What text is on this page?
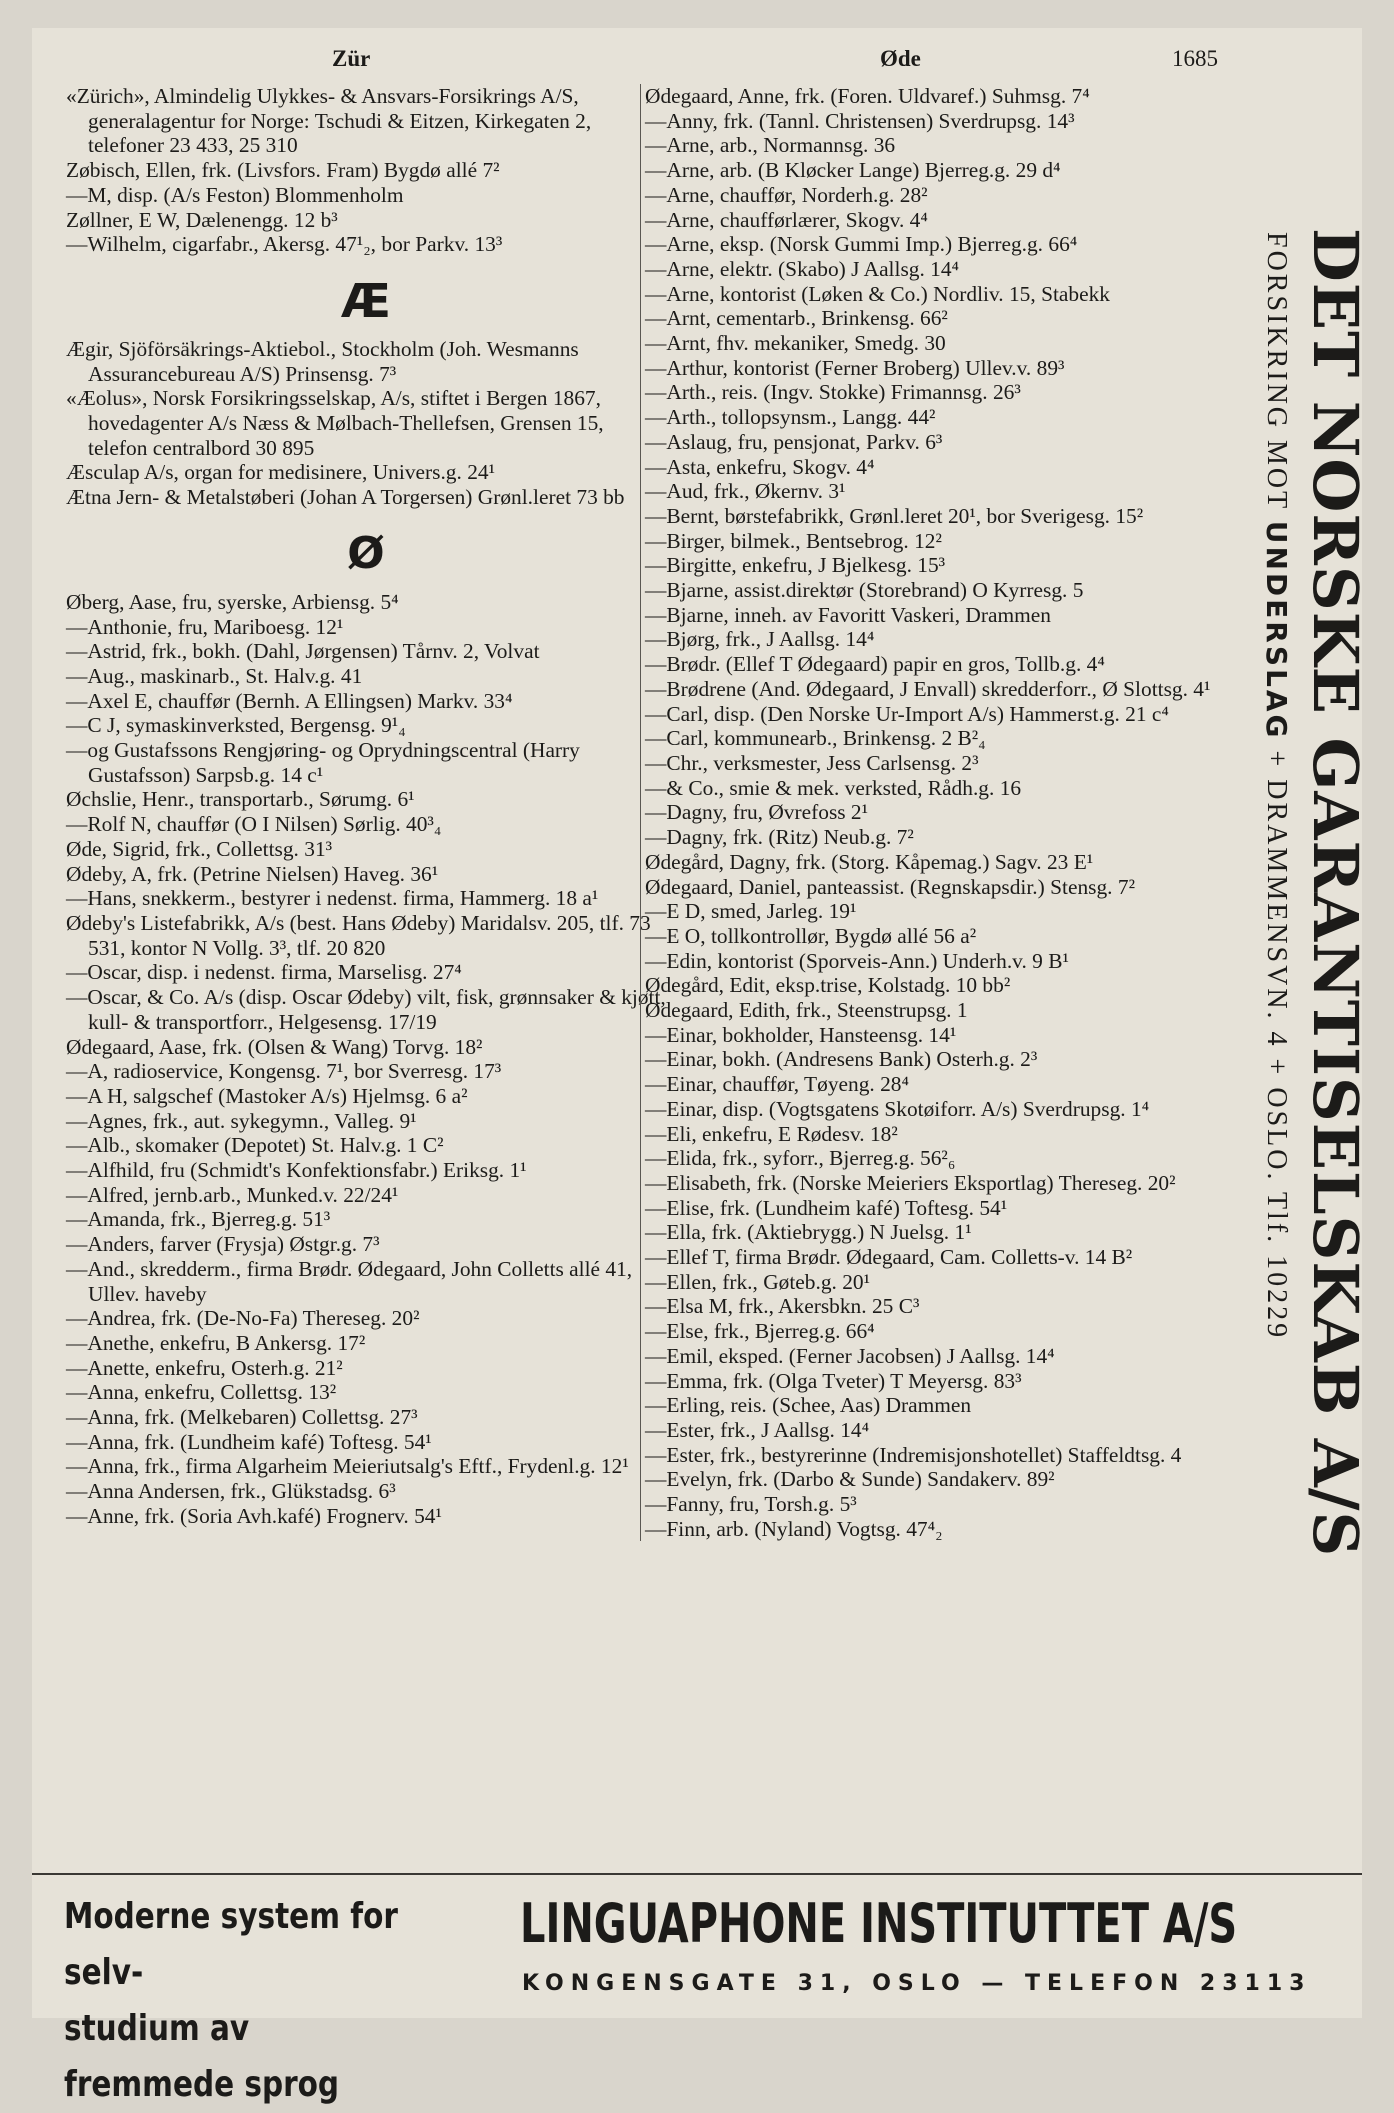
Zür	Øde	1685

«Zürich», Almindelig Ulykkes- & Ansvars-Forsikrings A/S, generalagentur for Norge: Tschudi & Eitzen, Kirkegaten 2, telefoner 23 433, 25 310

Zøbisch, Ellen, frk. (Livsfors. Fram) Bygdø allé 7²

—M, disp. (A/s Feston) Blommenholm

Zøllner, E W, Dælenengg. 12 b³

—Wilhelm, cigarfabr., Akersg. 47¹₂, bor Parkv. 13³

Æ

Ægir, Sjöförsäkrings-Aktiebol., Stockholm (Joh. Wesmanns Assurancebureau A/S) Prinsensg. 7³

«Æolus», Norsk Forsikringsselskap, A/s, stiftet i Bergen 1867, hovedagenter A/s Næss & Mølbach-Thellefsen, Grensen 15, telefon centralbord 30 895

Æsculap A/s, organ for medisinere, Univers.g. 24¹

Ætna Jern- & Metalstøberi (Johan A Torgersen) Grønl.leret 73 bb

Ø

Øberg, Aase, fru, syerske, Arbiensg. 5⁴

—Anthonie, fru, Mariboesg. 12¹

—Astrid, frk., bokh. (Dahl, Jørgensen) Tårnv. 2, Volvat

—Aug., maskinarb., St. Halv.g. 41

—Axel E, chauffør (Bernh. A Ellingsen) Markv. 33⁴

—C J, symaskinverksted, Bergensg. 9¹₄

—og Gustafssons Rengjøring- og Oprydningscentral (Harry Gustafsson) Sarpsb.g. 14 c¹

Øchslie, Henr., transportarb., Sørumg. 6¹

—Rolf N, chauffør (O I Nilsen) Sørlig. 40³₄

Øde, Sigrid, frk., Collettsg. 31³

Ødeby, A, frk. (Petrine Nielsen) Haveg. 36¹

—Hans, snekkerm., bestyrer i nedenst. firma, Hammerg. 18 a¹

Ødeby's Listefabrikk, A/s (best. Hans Ødeby) Maridalsv. 205, tlf. 73 531, kontor N Vollg. 3³, tlf. 20 820

—Oscar, disp. i nedenst. firma, Marselisg. 27⁴

—Oscar, & Co. A/s (disp. Oscar Ødeby) vilt, fisk, grønnsaker & kjøtt, kull- & transportforr., Helgesensg. 17/19

Ødegaard, Aase, frk. (Olsen & Wang) Torvg. 18²

—A, radioservice, Kongensg. 7¹, bor Sverresg. 17³

—A H, salgschef (Mastoker A/s) Hjelmsg. 6 a²

—Agnes, frk., aut. sykegymn., Valleg. 9¹

—Alb., skomaker (Depotet) St. Halv.g. 1 C²

—Alfhild, fru (Schmidt's Konfektionsfabr.) Eriksg. 1¹

—Alfred, jernb.arb., Munked.v. 22/24¹

—Amanda, frk., Bjerreg.g. 51³

—Anders, farver (Frysja) Østgr.g. 7³

—And., skredderm., firma Brødr. Ødegaard, John Colletts allé 41, Ullev. haveby

—Andrea, frk. (De-No-Fa) Thereseg. 20²

—Anethe, enkefru, B Ankersg. 17²

—Anette, enkefru, Osterh.g. 21²

—Anna, enkefru, Collettsg. 13²

—Anna, frk. (Melkebaren) Collettsg. 27³

—Anna, frk. (Lundheim kafé) Toftesg. 54¹

—Anna, frk., firma Algarheim Meieriutsalg's Eftf., Frydenl.g. 12¹

—Anna Andersen, frk., Glükstadsg. 6³

—Anne, frk. (Soria Avh.kafé) Frognerv. 54¹

Ødegaard, Anne, frk. (Foren. Uldvaref.) Suhmsg. 7⁴

—Anny, frk. (Tannl. Christensen) Sverdrupsg. 14³

—Arne, arb., Normannsg. 36

—Arne, arb. (B Kløcker Lange) Bjerreg.g. 29 d⁴

—Arne, chauffør, Norderh.g. 28²

—Arne, chaufførlærer, Skogv. 4⁴

—Arne, eksp. (Norsk Gummi Imp.) Bjerreg.g. 66⁴

—Arne, elektr. (Skabo) J Aallsg. 14⁴

—Arne, kontorist (Løken & Co.) Nordliv. 15, Stabekk

—Arnt, cementarb., Brinkensg. 66²

—Arnt, fhv. mekaniker, Smedg. 30

—Arthur, kontorist (Ferner Broberg) Ullev.v. 89³

—Arth., reis. (Ingv. Stokke) Frimannsg. 26³

—Arth., tollopsynsm., Langg. 44²

—Aslaug, fru, pensjonat, Parkv. 6³

—Asta, enkefru, Skogv. 4⁴

—Aud, frk., Økernv. 3¹

—Bernt, børstefabrikk, Grønl.leret 20¹, bor Sverigesg. 15²

—Birger, bilmek., Bentsebrog. 12²

—Birgitte, enkefru, J Bjelkesg. 15³

—Bjarne, assist.direktør (Storebrand) O Kyrresg. 5

—Bjarne, inneh. av Favoritt Vaskeri, Drammen

—Bjørg, frk., J Aallsg. 14⁴

—Brødr. (Ellef T Ødegaard) papir en gros, Tollb.g. 4⁴

—Brødrene (And. Ødegaard, J Envall) skredderforr., Ø Slottsg. 4¹

—Carl, disp. (Den Norske Ur-Import A/s) Hammerst.g. 21 c⁴

—Carl, kommunearb., Brinkensg. 2 B²₄

—Chr., verksmester, Jess Carlsensg. 2³

—& Co., smie & mek. verksted, Rådh.g. 16

—Dagny, fru, Øvrefoss 2¹

—Dagny, frk. (Ritz) Neub.g. 7²

Ødegård, Dagny, frk. (Storg. Kåpemag.) Sagv. 23 E¹

Ødegaard, Daniel, panteassist. (Regnskapsdir.) Stensg. 7²

—E D, smed, Jarleg. 19¹

—E O, tollkontrollør, Bygdø allé 56 a²

—Edin, kontorist (Sporveis-Ann.) Underh.v. 9 B¹

Ødegård, Edit, eksp.trise, Kolstadg. 10 bb²

Ødegaard, Edith, frk., Steenstrupsg. 1

—Einar, bokholder, Hansteensg. 14¹

—Einar, bokh. (Andresens Bank) Osterh.g. 2³

—Einar, chauffør, Tøyeng. 28⁴

—Einar, disp. (Vogtsgatens Skotøiforr. A/s) Sverdrupsg. 1⁴

—Eli, enkefru, E Rødesv. 18²

—Elida, frk., syforr., Bjerreg.g. 56²₆

—Elisabeth, frk. (Norske Meieriers Eksportlag) Thereseg. 20²

—Elise, frk. (Lundheim kafé) Toftesg. 54¹

—Ella, frk. (Aktiebrygg.) N Juelsg. 1¹

—Ellef T, firma Brødr. Ødegaard, Cam. Colletts-v. 14 B²

—Ellen, frk., Gøteb.g. 20¹

—Elsa M, frk., Akersbkn. 25 C³

—Else, frk., Bjerreg.g. 66⁴

—Emil, eksped. (Ferner Jacobsen) J Aallsg. 14⁴

—Emma, frk. (Olga Tveter) T Meyersg. 83³

—Erling, reis. (Schee, Aas) Drammen

—Ester, frk., J Aallsg. 14⁴

—Ester, frk., bestyrerinne (Indremisjonshotellet) Staffeldtsg. 4

—Evelyn, frk. (Darbo & Sunde) Sandakerv. 89²

—Fanny, fru, Torsh.g. 5³

—Finn, arb. (Nyland) Vogtsg. 47⁴₂	DET NORSKE GARANTISELSKAB A/S
FORSIKRING MOT UNDERSLAG + DRAMMENSVN. 4 + OSLO. Tlf. 10229
Moderne system for selv-
studium av fremmede sprog
LINGUAPHONE INSTITUTTET A/S
KONGENSGATE 31, OSLO — TELEFON 23113
